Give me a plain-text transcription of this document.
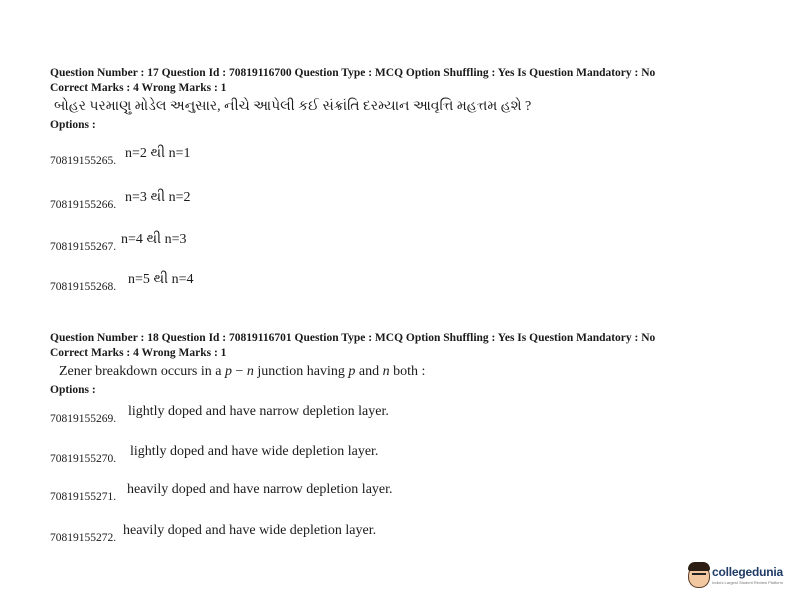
Question Number : 17 Question Id : 70819116700 Question Type : MCQ Option Shuffling : Yes Is Question Mandatory : No
Correct Marks : 4 Wrong Marks : 1
બોહર પરમાણુ મોડેલ અનુસાર, નીચે આપેલી કઈ સંક્રાંતિ દરમ્યાન આવૃત્તિ મહત્તમ હશે ?
Options :
70819155265. n=2 થી n=1
70819155266. n=3 થી n=2
70819155267. n=4 થી n=3
70819155268. n=5 થી n=4
Question Number : 18 Question Id : 70819116701 Question Type : MCQ Option Shuffling : Yes Is Question Mandatory : No
Correct Marks : 4 Wrong Marks : 1
Zener breakdown occurs in a p − n junction having p and n both :
Options :
70819155269. lightly doped and have narrow depletion layer.
70819155270. lightly doped and have wide depletion layer.
70819155271. heavily doped and have narrow depletion layer.
70819155272. heavily doped and have wide depletion layer.
collegedunia
India's Largest Student Review Platform
